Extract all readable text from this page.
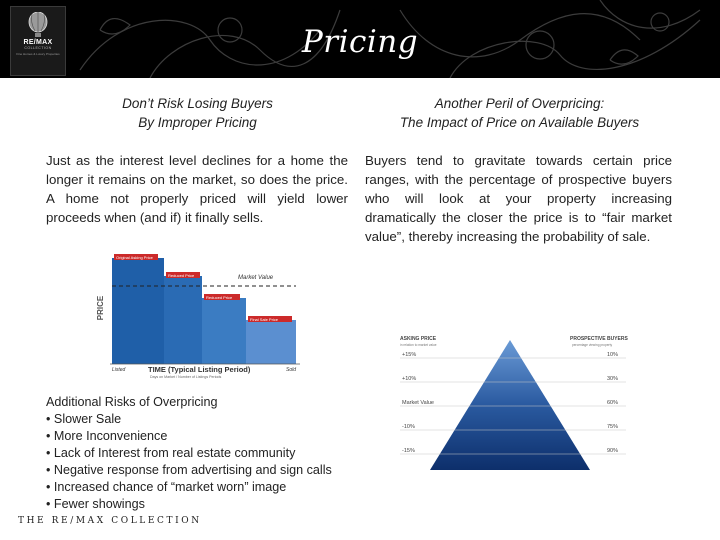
RE/MAX
COLLECTION
Fine Homes & Luxury Properties	Pricing
Don’t Risk Losing Buyers
By Improper Pricing
Just as the interest level declines for a home the longer it remains on the market, so does the price. A home not properly priced will yield lower proceeds when (and if) it finally sells.
PRICE
Original Asking Price
Reduced Price
Reduced Price
Final Sale Price
Market Value
Listed	Sold
TIME (Typical Listing Period)
Days on Market / Number of Listings Periods
Another Peril of Overpricing:
The Impact of Price on Available Buyers
Buyers tend to gravitate towards certain price ranges, with the percentage of prospective buyers who will look at your property increasing dramatically the closer the price is to “fair market value”, thereby increasing the probability of sale.
ASKING PRICE
in relation to market value
PROSPECTIVE BUYERS
percentage viewing property
+15%	10%
+10%	30%
Market Value	60%
-10%	75%
-15%	90%
Additional Risks of Overpricing
• Slower Sale
• More Inconvenience
• Lack of Interest from real estate community
• Negative response from advertising and sign calls
• Increased chance of “market worn” image
• Fewer showings
THE RE/MAX COLLECTION
